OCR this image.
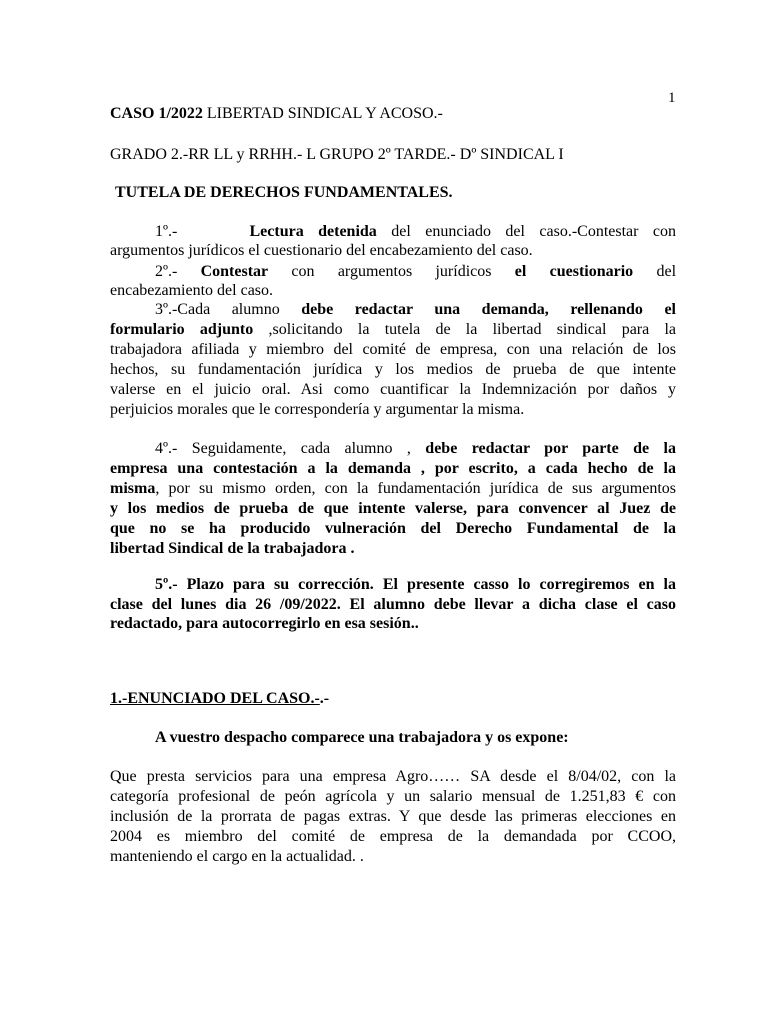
1
CASO 1/2022 LIBERTAD SINDICAL Y ACOSO.-
GRADO 2.-RR LL y RRHH.- L GRUPO 2º TARDE.- Dº SINDICAL I
TUTELA DE DERECHOS FUNDAMENTALES.
1º.-	Lectura detenida del enunciado del caso.-Contestar con
argumentos jurídicos el cuestionario del encabezamiento del caso.
2º.- Contestar con argumentos jurídicos el cuestionario del
encabezamiento del caso.
3º.-Cada alumno debe redactar una demanda, rellenando el
formulario adjunto ,solicitando la tutela de la libertad sindical para la
trabajadora afiliada y miembro del comité de empresa, con una relación de los
hechos, su fundamentación jurídica y los medios de prueba de que intente
valerse en el juicio oral. Asi como cuantificar la Indemnización por daños y
perjuicios morales que le correspondería y argumentar la misma.
4º.- Seguidamente, cada alumno , debe redactar por parte de la
empresa una contestación a la demanda , por escrito, a cada hecho de la
misma, por su mismo orden, con la fundamentación jurídica de sus argumentos
y los medios de prueba de que intente valerse, para convencer al Juez de
que no se ha producido vulneración del Derecho Fundamental de la
libertad Sindical de la trabajadora .
5º.- Plazo para su corrección. El presente casso lo corregiremos en la
clase del lunes dia 26 /09/2022. El alumno debe llevar a dicha clase el caso
redactado, para autocorregirlo en esa sesión..
1.-ENUNCIADO DEL CASO.-.-
A vuestro despacho comparece una trabajadora y os expone:
Que presta servicios para una empresa Agro…… SA desde el 8/04/02, con la
categoría profesional de peón agrícola y un salario mensual de 1.251,83 € con
inclusión de la prorrata de pagas extras. Y que desde las primeras elecciones en
2004 es miembro del comité de empresa de la demandada por CCOO,
manteniendo el cargo en la actualidad. .
